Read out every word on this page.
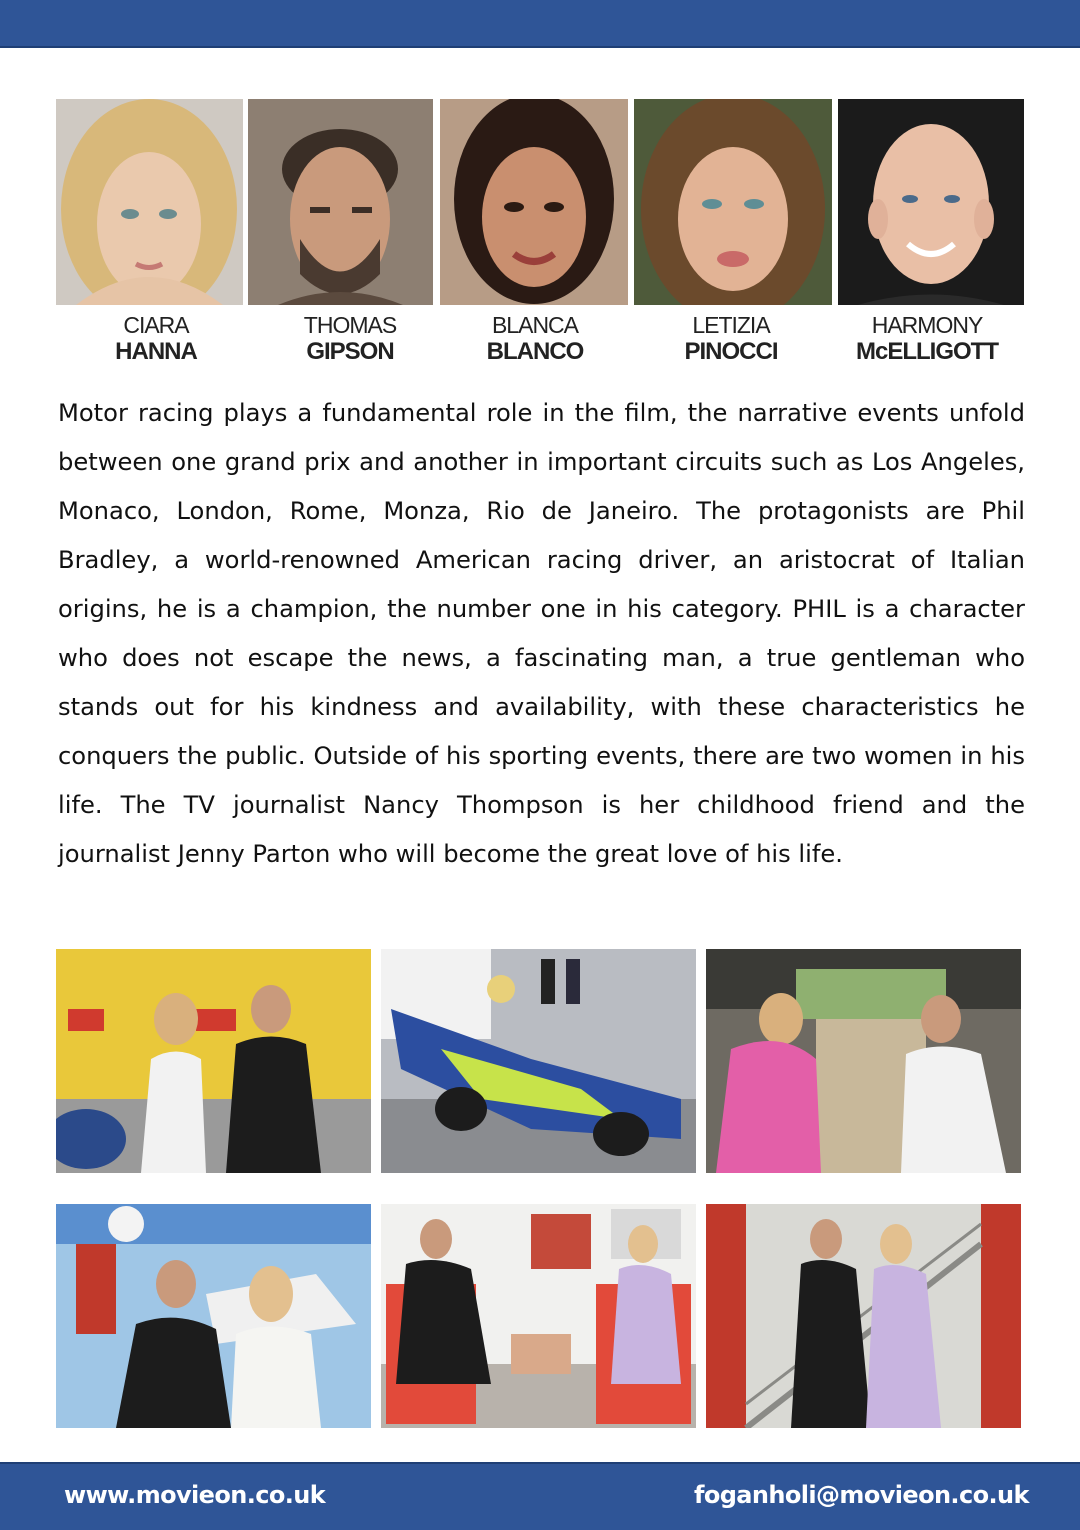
CIARA
HANNA
THOMAS
GIPSON
BLANCA
BLANCO
LETIZIA
PINOCCI
HARMONY
McELLIGOTT

Motor racing plays a fundamental role in the film, the narrative events unfold between one grand prix and another in important circuits such as Los Angeles, Monaco, London, Rome, Monza, Rio de Janeiro. The protagonists are Phil Bradley, a world-renowned American racing driver, an aristocrat of Italian origins, he is a champion, the number one in his category. PHIL is a character who does not escape the news, a fascinating man, a true gentleman who stands out for his kindness and availability, with these characteristics he conquers the public. Outside of his sporting events, there are two women in his life. The TV journalist Nancy Thompson is her childhood friend and the journalist Jenny Parton who will become the great love of his life.

www.movieon.co.uk	foganholi@movieon.co.uk
